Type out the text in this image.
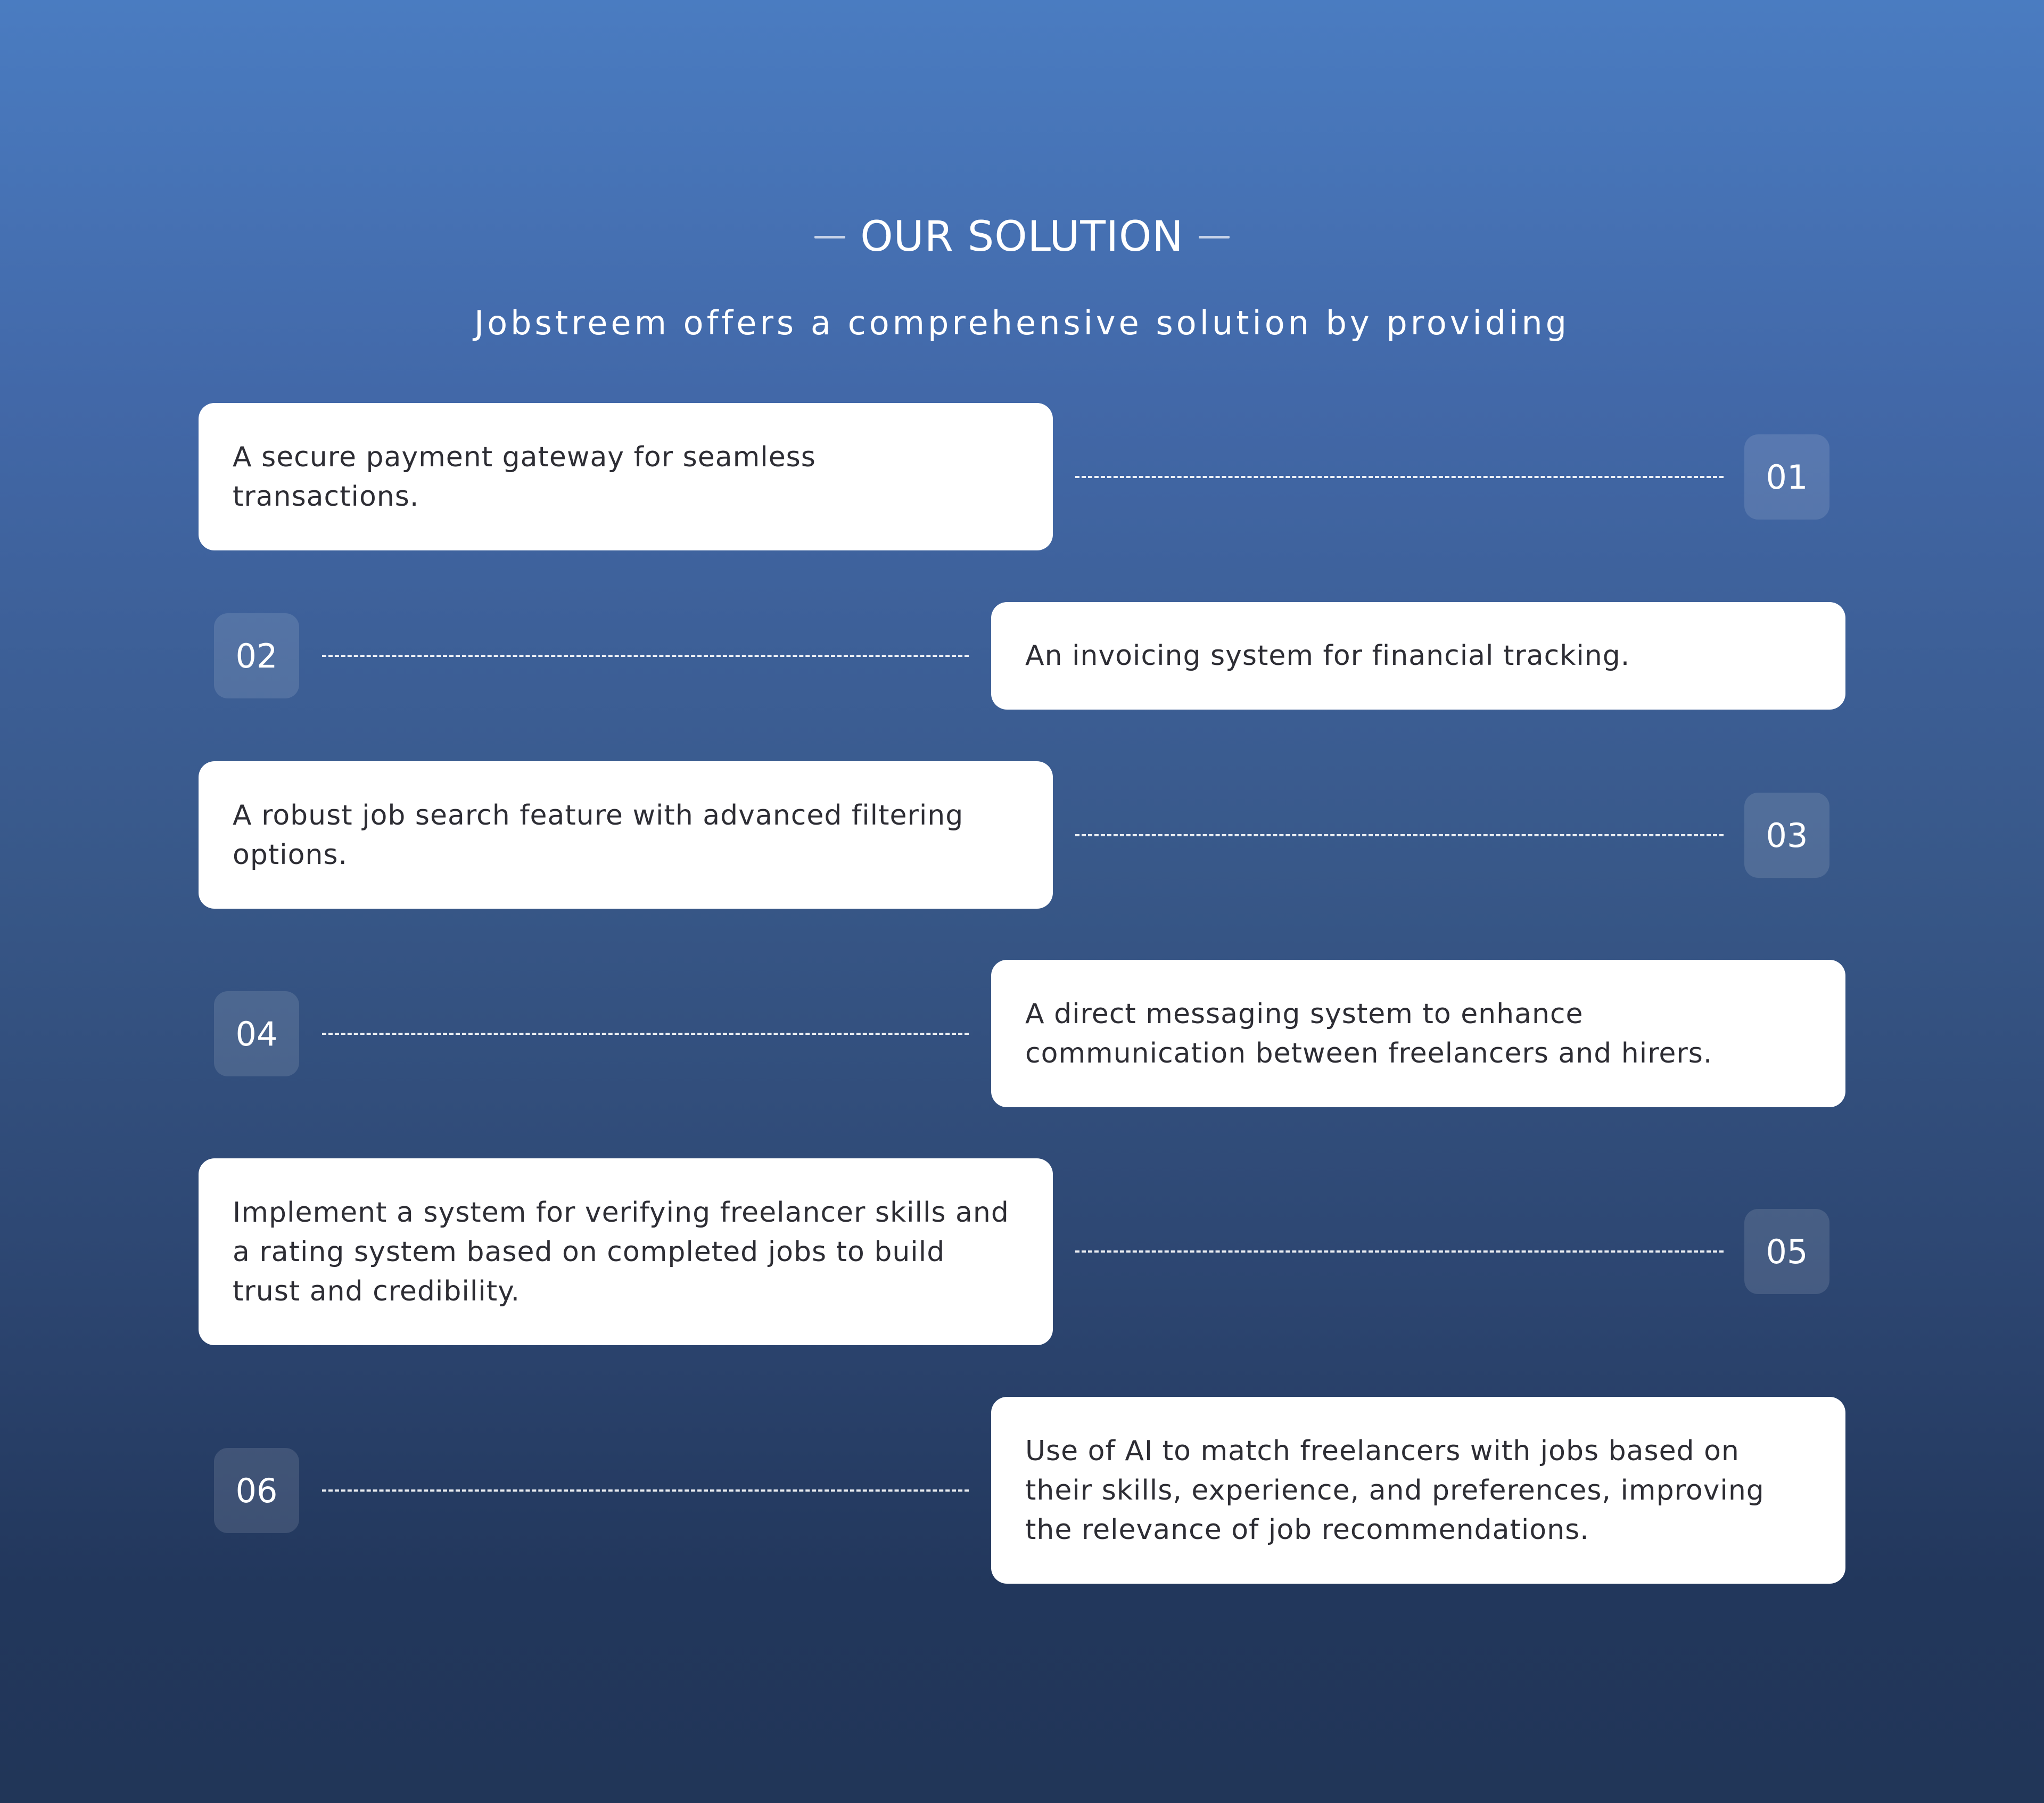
OUR SOLUTION
Jobstreem offers a comprehensive solution by providing
A secure payment gateway for seamless transactions.	01
02	An invoicing system for financial tracking.
A robust job search feature with advanced filtering options.	03
04
A direct messaging system to enhance communication between freelancers and hirers.
Implement a system for verifying freelancer skills and a rating system based on completed jobs to build trust and credibility.
05
06
Use of AI to match freelancers with jobs based on their skills, experience, and preferences, improving the relevance of job recommendations.
